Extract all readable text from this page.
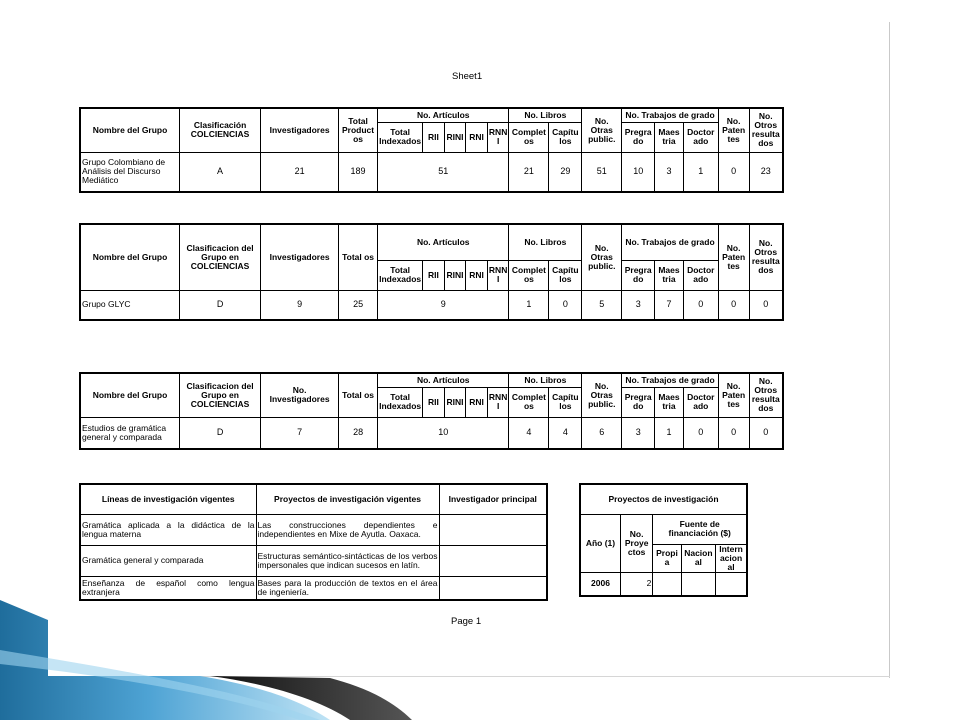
Sheet1
Nombre del Grupo	Clasificación COLCIENCIAS	Investigadores	Total Product os	No. Artículos					No. Libros		No. Otras public.	No. Trabajos de grado			No. Paten tes	No. Otros resulta dos
				Total Indexados	RII	RINI	RNI	RNN I	Complet os	Capítu los		Pregra do	Maes tria	Doctor ado		
Grupo Colombiano de Análisis del Discurso Mediático	A	21	189	51					21	29	51	10	3	1	0	23
Nombre del Grupo	Clasificacion del Grupo en COLCIENCIAS	Investigadores	Total os	No. Artículos					No. Libros		No. Otras public.	No. Trabajos de grado			No. Paten tes	No. Otros resulta dos
				Total Indexados	RII	RINI	RNI	RNN I	Complet os	Capítu los		Pregra do	Maes tria	Doctor ado		
Grupo GLYC	D	9	25	9					1	0	5	3	7	0	0	0
Nombre del Grupo	Clasificacion del Grupo en COLCIENCIAS	No. Investigadores	Total os	No. Artículos					No. Libros		No. Otras public.	No. Trabajos de grado			No. Paten tes	No. Otros resulta dos
				Total Indexados	RII	RINI	RNI	RNN I	Complet os	Capítu los		Pregra do	Maes tria	Doctor ado		
Estudios de gramática general y comparada	D	7	28	10					4	4	6	3	1	0	0	0
Líneas de investigación vigentes	Proyectos de investigación vigentes	Investigador principal
Gramática aplicada a la didáctica de la lengua materna	Las construcciones dependientes e independientes en Mixe de Ayutla. Oaxaca.	
Gramática general y comparada	Estructuras semántico-sintácticas de los verbos impersonales que indican sucesos en latín.	
Enseñanza de español como lengua extranjera	Bases para la producción de textos en el área de ingeniería.	
Proyectos de investigación				
Año (1)	No. Proye ctos	Fuente de financiación ($)		
		Propi a	Nacion al	Intern acion al
2006	2			
Page 1
